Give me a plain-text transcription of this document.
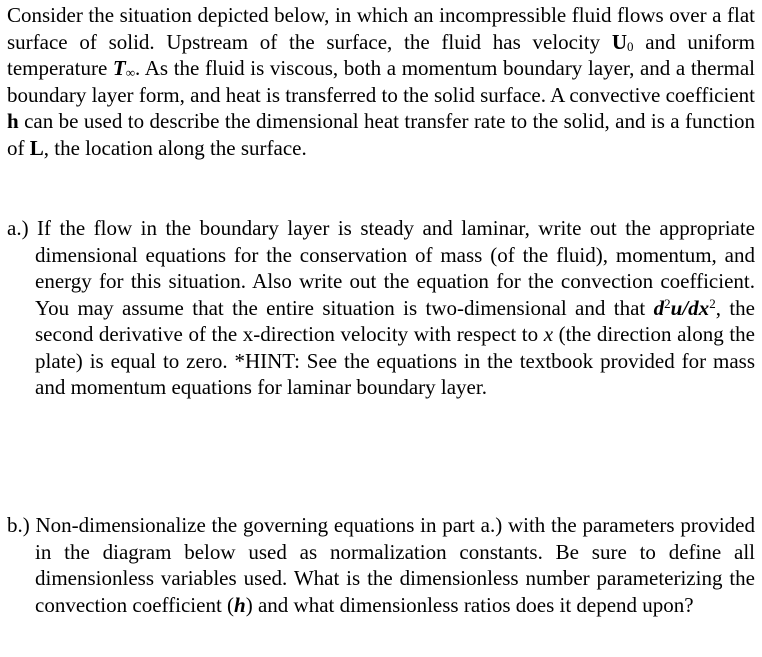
Consider the situation depicted below, in which an incompressible fluid flows over a flat surface of solid. Upstream of the surface, the fluid has velocity $U_0$ and uniform temperature $T_\infty$. As the fluid is viscous, both a momentum boundary layer, and a thermal boundary layer form, and heat is transferred to the solid surface. A convective coefficient h can be used to describe the dimensional heat transfer rate to the solid, and is a function of L, the location along the surface.

a.) If the flow in the boundary layer is steady and laminar, write out the appropriate dimensional equations for the conservation of mass (of the fluid), momentum, and energy for this situation. Also write out the equation for the convection coefficient. You may assume that the entire situation is two-dimensional and that $d^2u/dx^2$, the second derivative of the x-direction velocity with respect to x (the direction along the plate) is equal to zero. *HINT: See the equations in the textbook provided for mass and momentum equations for laminar boundary layer.

b.) Non-dimensionalize the governing equations in part a.) with the parameters provided in the diagram below used as normalization constants. Be sure to define all dimensionless variables used. What is the dimensionless number parameterizing the convection coefficient (h) and what dimensionless ratios does it depend upon?
